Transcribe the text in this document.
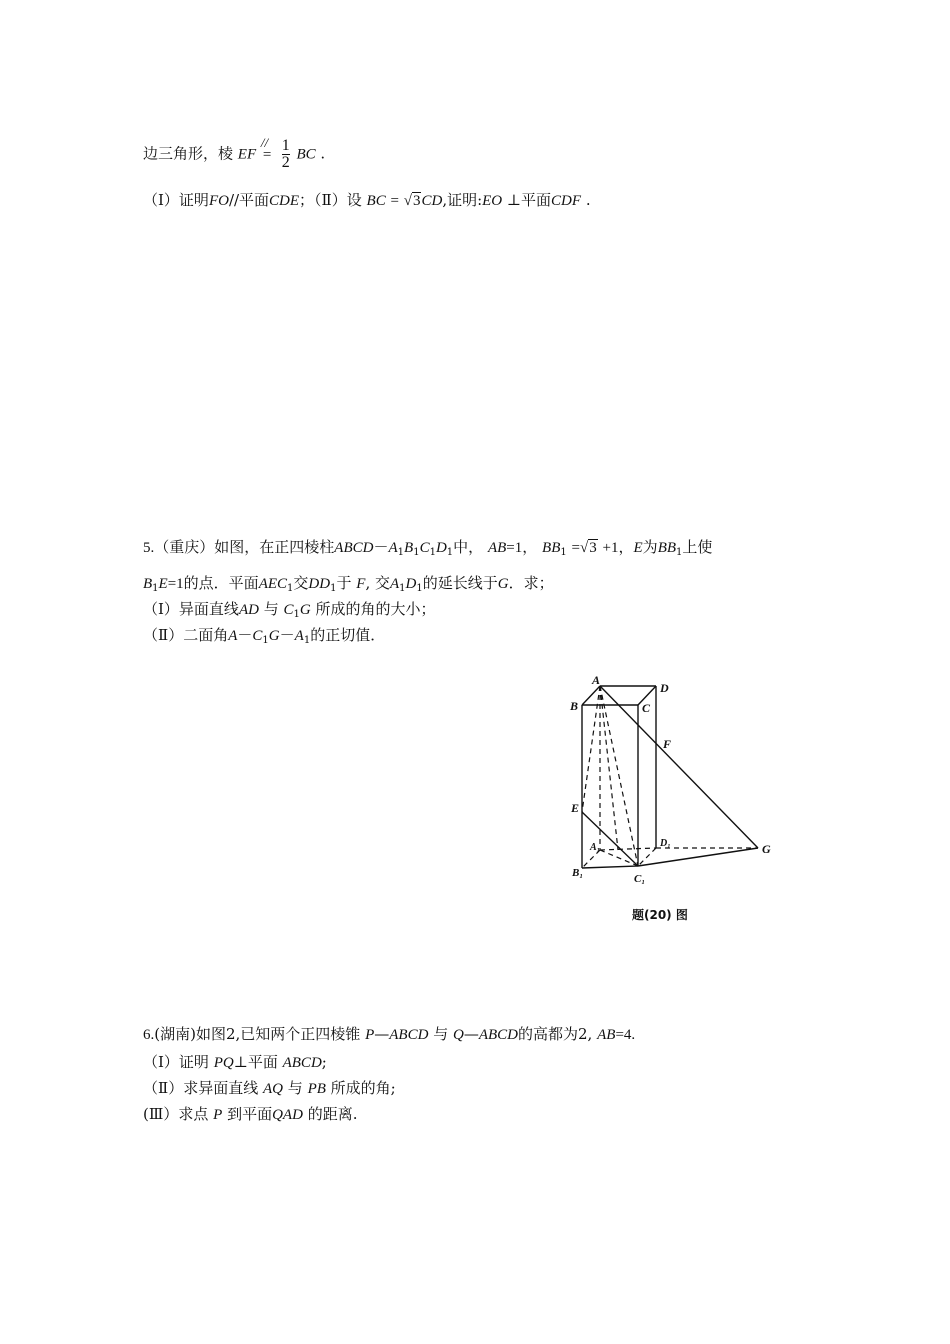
边三角形，棱 EF
//
=
$\frac{1}{2}$ BC .
（Ⅰ）证明FO//平面CDE；（Ⅱ）设 BC = √3CD,证明:EO ⊥平面CDF .
5.（重庆）如图，在正四棱柱$ABCD-A_1B_1C_1D_1$中， AB=1， $BB_1 =√3 +1$，E为$BB_1$上使
$B_1E=1$的点．平面$AEC_1$交$DD_1$于 F, 交$A_1D_1$的延长线于G．求；
（Ⅰ）异面直线AD 与 $C_1G$ 所成的角的大小；
（Ⅱ）二面角$A-C_1G-A_1$的正切值．
A
D
B	C
F
E
A₁	D₁	G
B₁	C₁
题(20) 图
6.(湖南)如图2,已知两个正四棱锥 P—ABCD 与 Q—ABCD的高都为2, AB=4.
（Ⅰ）证明 PQ⊥平面 ABCD;
（Ⅱ）求异面直线 AQ 与 PB 所成的角;
(Ⅲ）求点 P 到平面QAD 的距离.
